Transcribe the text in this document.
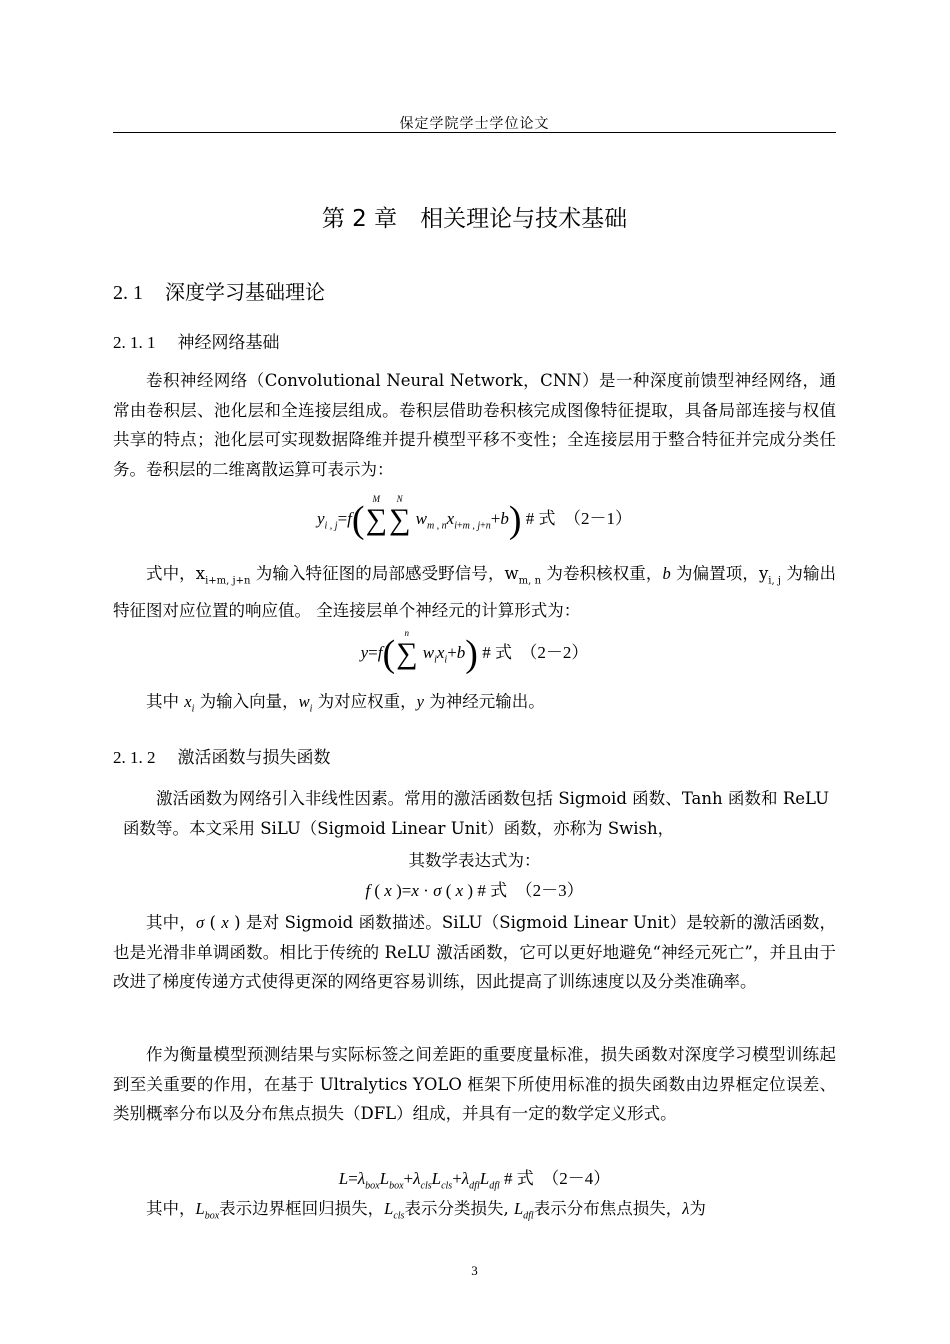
保定学院学士学位论文
第 2 章　相关理论与技术基础
2. 1 深度学习基础理论
2. 1. 1 神经网络基础

卷积神经网络（Convolutional Neural Network，CNN）是一种深度前馈型神经网络，通常由卷积层、池化层和全连接层组成。卷积层借助卷积核完成图像特征提取，具备局部连接与权值共享的特点；池化层可实现数据降维并提升模型平移不变性；全连接层用于整合特征并完成分类任务。卷积层的二维离散运算可表示为：

$y_{i , j}=f$( M
∑
N
∑ $w_{m , n}x_{i+m , j+n}+b$) # 式　（2－1）

式中，$x_{i+m, j+n}$ 为输入特征图的局部感受野信号，$w_{m, n}$ 为卷积核权重，b 为偏置项，$y_{i, j}$ 为输出特征图对应位置的响应值。 全连接层单个神经元的计算形式为：

y=f(	n
∑ $w_ix_i+b$) # 式　（2－2）

其中 $x_i$ 为输入向量，$w_i$ 为对应权重，y 为神经元输出。

2. 1. 2 激活函数与损失函数

激活函数为网络引入非线性因素。常用的激活函数包括 Sigmoid 函数、Tanh 函数和 ReLU 函数等。本文采用 SiLU（Sigmoid Linear Unit）函数，亦称为 Swish，

其数学表达式为：

f ( x )=x · σ ( x ) # 式　（2－3）

其中，σ ( x ) 是对 Sigmoid 函数描述。SiLU（Sigmoid Linear Unit）是较新的激活函数，也是光滑非单调函数。相比于传统的 ReLU 激活函数，它可以更好地避免“神经元死亡”，并且由于改进了梯度传递方式使得更深的网络更容易训练，因此提高了训练速度以及分类准确率。

作为衡量模型预测结果与实际标签之间差距的重要度量标准，损失函数对深度学习模型训练起到至关重要的作用，在基于 Ultralytics YOLO 框架下所使用标准的损失函数由边界框定位误差、类别概率分布以及分布焦点损失（DFL）组成，并具有一定的数学定义形式。

$L=\lambda_{box}L_{box}+\lambda_{cls}L_{cls}+\lambda_{dfl}L_{dfl}$ # 式　（2－4）

其中，$L_{box}$表示边界框回归损失，$L_{cls}$表示分类损失, $L_{dfl}$表示分布焦点损失，λ为

3
